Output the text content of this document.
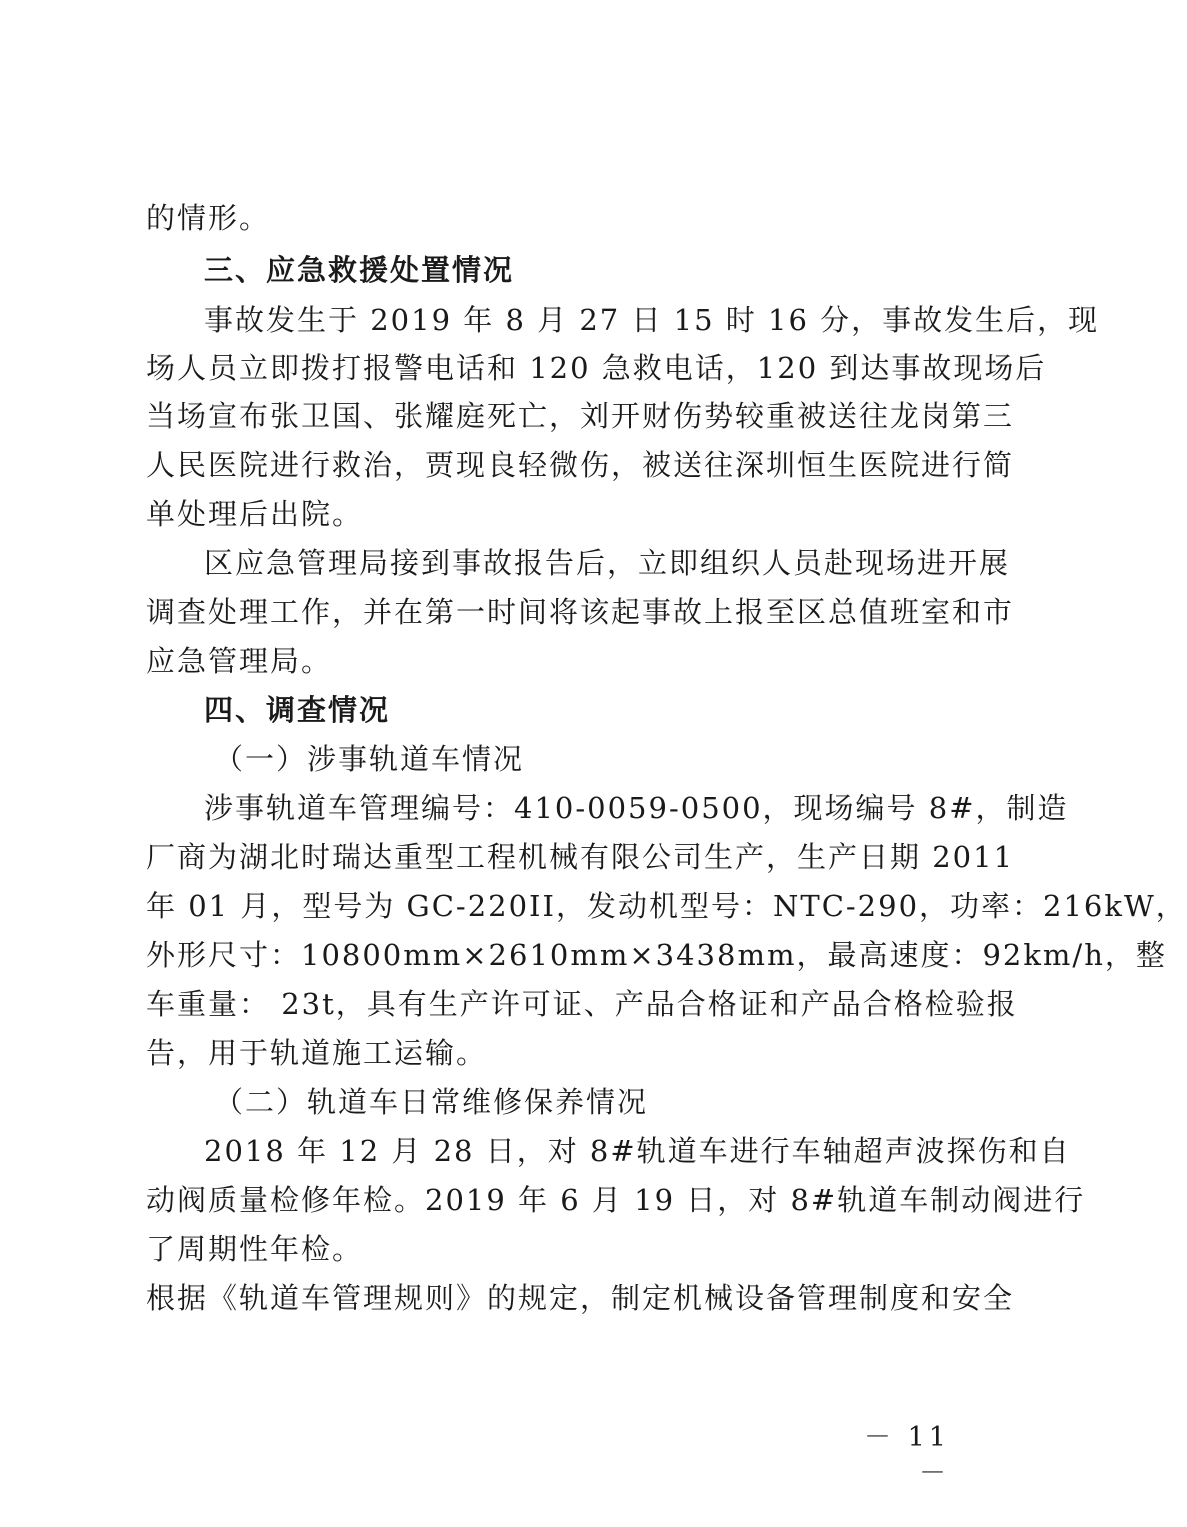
的情形。
三、应急救援处置情况
事故发生于 2019 年 8 月 27 日 15 时 16 分，事故发生后，现
场人员立即拨打报警电话和 120 急救电话，120 到达事故现场后
当场宣布张卫国、张耀庭死亡，刘开财伤势较重被送往龙岗第三
人民医院进行救治，贾现良轻微伤，被送往深圳恒生医院进行简
单处理后出院。
区应急管理局接到事故报告后，立即组织人员赴现场进开展
调查处理工作，并在第一时间将该起事故上报至区总值班室和市
应急管理局。
四、调查情况
（一）涉事轨道车情况
涉事轨道车管理编号：410-0059-0500，现场编号 8#，制造
厂商为湖北时瑞达重型工程机械有限公司生产，生产日期 2011
年 01 月，型号为 GC-220II，发动机型号：NTC-290，功率：216kW，
外形尺寸：10800mm×2610mm×3438mm，最高速度：92km/h，整
车重量： 23t，具有生产许可证、产品合格证和产品合格检验报
告，用于轨道施工运输。
（二）轨道车日常维修保养情况
2018 年 12 月 28 日，对 8#轨道车进行车轴超声波探伤和自
动阀质量检修年检。2019 年 6 月 19 日，对 8#轨道车制动阀进行
了周期性年检。
根据《轨道车管理规则》的规定，制定机械设备管理制度和安全
－ 11 －
